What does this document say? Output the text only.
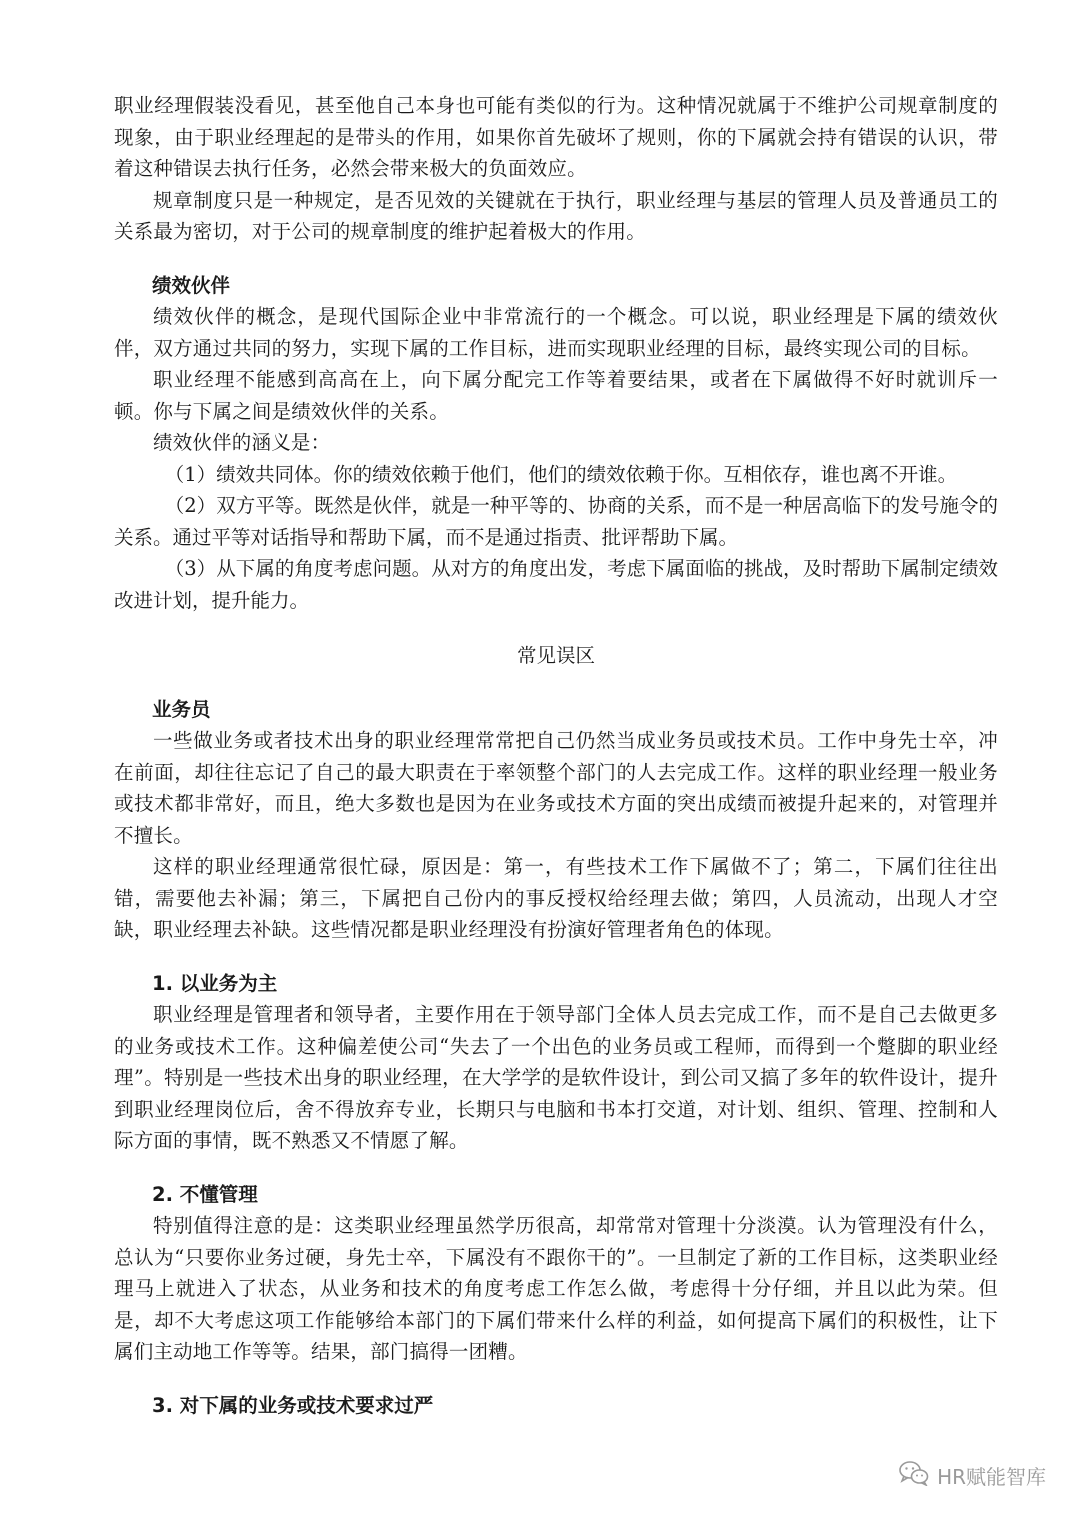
职业经理假装没看见，甚至他自己本身也可能有类似的行为。这种情况就属于不维护公司规章制度的现象，由于职业经理起的是带头的作用，如果你首先破坏了规则，你的下属就会持有错误的认识，带着这种错误去执行任务，必然会带来极大的负面效应。

规章制度只是一种规定，是否见效的关键就在于执行，职业经理与基层的管理人员及普通员工的关系最为密切，对于公司的规章制度的维护起着极大的作用。

绩效伙伴

绩效伙伴的概念，是现代国际企业中非常流行的一个概念。可以说，职业经理是下属的绩效伙伴，双方通过共同的努力，实现下属的工作目标，进而实现职业经理的目标，最终实现公司的目标。

职业经理不能感到高高在上，向下属分配完工作等着要结果，或者在下属做得不好时就训斥一顿。你与下属之间是绩效伙伴的关系。

绩效伙伴的涵义是：

（1）绩效共同体。你的绩效依赖于他们，他们的绩效依赖于你。互相依存，谁也离不开谁。

（2）双方平等。既然是伙伴，就是一种平等的、协商的关系，而不是一种居高临下的发号施令的关系。通过平等对话指导和帮助下属，而不是通过指责、批评帮助下属。

（3）从下属的角度考虑问题。从对方的角度出发，考虑下属面临的挑战，及时帮助下属制定绩效改进计划，提升能力。

常见误区
业务员

一些做业务或者技术出身的职业经理常常把自己仍然当成业务员或技术员。工作中身先士卒，冲在前面，却往往忘记了自己的最大职责在于率领整个部门的人去完成工作。这样的职业经理一般业务或技术都非常好，而且，绝大多数也是因为在业务或技术方面的突出成绩而被提升起来的，对管理并不擅长。

这样的职业经理通常很忙碌，原因是：第一，有些技术工作下属做不了；第二，下属们往往出错，需要他去补漏；第三，下属把自己份内的事反授权给经理去做；第四，人员流动，出现人才空缺，职业经理去补缺。这些情况都是职业经理没有扮演好管理者角色的体现。

1. 以业务为主

职业经理是管理者和领导者，主要作用在于领导部门全体人员去完成工作，而不是自己去做更多的业务或技术工作。这种偏差使公司“失去了一个出色的业务员或工程师，而得到一个蹩脚的职业经理”。特别是一些技术出身的职业经理，在大学学的是软件设计，到公司又搞了多年的软件设计，提升到职业经理岗位后，舍不得放弃专业，长期只与电脑和书本打交道，对计划、组织、管理、控制和人际方面的事情，既不熟悉又不情愿了解。

2. 不懂管理

特别值得注意的是：这类职业经理虽然学历很高，却常常对管理十分淡漠。认为管理没有什么，总认为“只要你业务过硬，身先士卒，下属没有不跟你干的”。一旦制定了新的工作目标，这类职业经理马上就进入了状态，从业务和技术的角度考虑工作怎么做，考虑得十分仔细，并且以此为荣。但是，却不大考虑这项工作能够给本部门的下属们带来什么样的利益，如何提高下属们的积极性，让下属们主动地工作等等。结果，部门搞得一团糟。

3. 对下属的业务或技术要求过严
HR赋能智库
